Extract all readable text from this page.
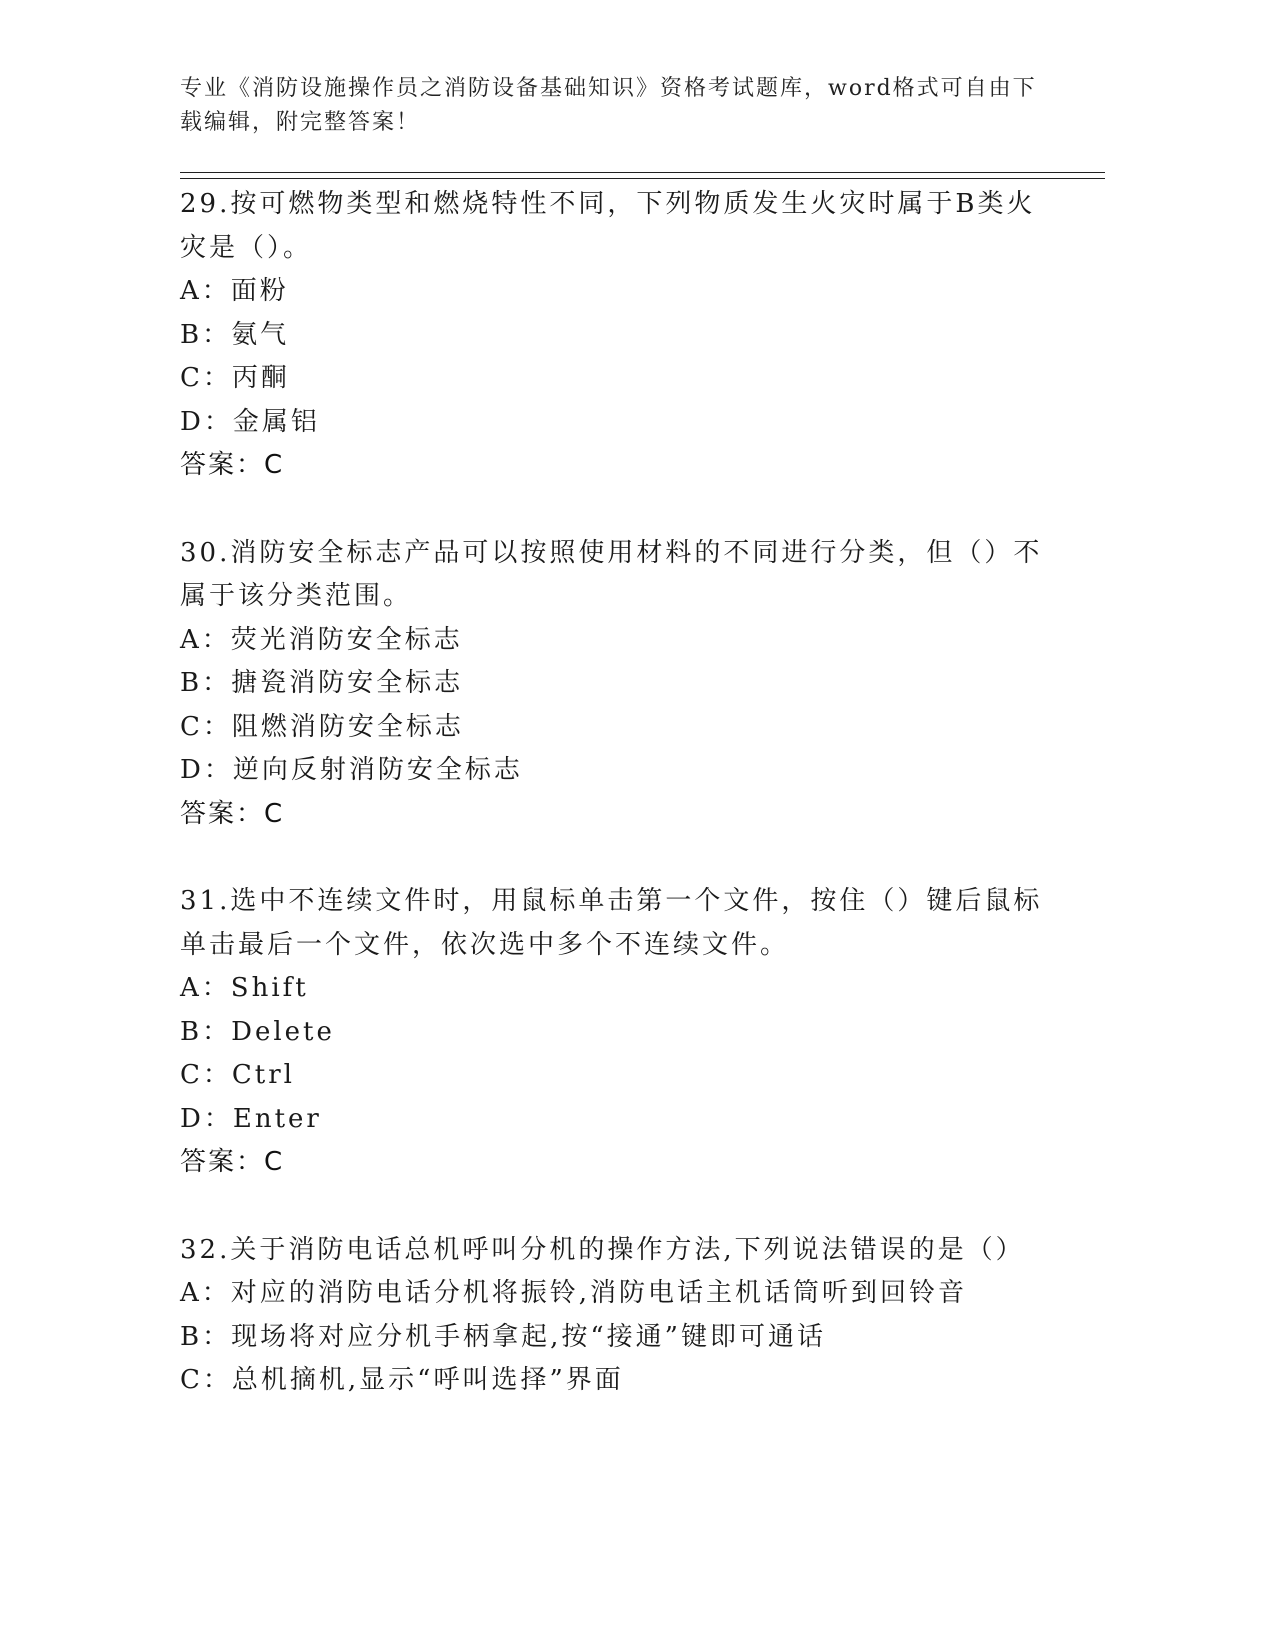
专业《消防设施操作员之消防设备基础知识》资格考试题库，word格式可自由下
载编辑，附完整答案！
29.按可燃物类型和燃烧特性不同，下列物质发生火灾时属于B类火灾是（）。
A：面粉
B：氨气
C：丙酮
D：金属铝
答案：C
30.消防安全标志产品可以按照使用材料的不同进行分类，但（）不属于该分类范围。
A：荧光消防安全标志
B：搪瓷消防安全标志
C：阻燃消防安全标志
D：逆向反射消防安全标志
答案：C
31.选中不连续文件时，用鼠标单击第一个文件，按住（）键后鼠标单击最后一个文件，依次选中多个不连续文件。
A：Shift
B：Delete
C：Ctrl
D：Enter
答案：C
32.关于消防电话总机呼叫分机的操作方法,下列说法错误的是（）
A：对应的消防电话分机将振铃,消防电话主机话筒听到回铃音
B：现场将对应分机手柄拿起,按“接通”键即可通话
C：总机摘机,显示“呼叫选择”界面
